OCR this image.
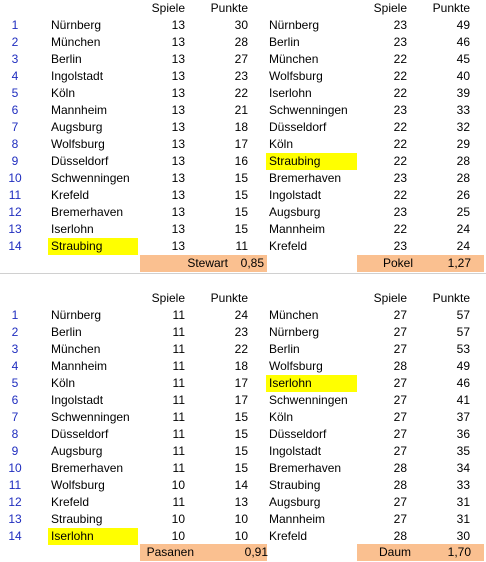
Spiele	Punkte	Spiele	Punkte
1	Nürnberg	13	30 Nürnberg	23	49
2	München	13	28 Berlin	23	46
3	Berlin	13	27 München	22	45
4	Ingolstadt	13	23 Wolfsburg	22	40
5	Köln	13	22 Iserlohn	22	39
6	Mannheim	13	21 Schwenningen	23	33
7	Augsburg	13	18 Düsseldorf	22	32
8	Wolfsburg	13	17 Köln	22	29
9	Düsseldorf	13	16 Straubing	22	28
10	Schwenningen	13	15 Bremerhaven	23	28
11	Krefeld	13	15 Ingolstadt	22	26
12	Bremerhaven	13	15 Augsburg	23	25
13	Iserlohn	13	15 Mannheim	22	24
14	Straubing	13	11 Krefeld	23	24
Stewart	0,85	Pokel	1,27
Spiele	Punkte	Spiele	Punkte
1	Nürnberg	11	24 München	27	57
2	Berlin	11	23 Nürnberg	27	57
3	München	11	22 Berlin	27	53
4	Mannheim	11	18 Wolfsburg	28	49
5	Köln	11	17 Iserlohn	27	46
6	Ingolstadt	11	17 Schwenningen	27	41
7	Schwenningen	11	15 Köln	27	37
8	Düsseldorf	11	15 Düsseldorf	27	36
9	Augsburg	11	15 Ingolstadt	27	35
10	Bremerhaven	11	15 Bremerhaven	28	34
11	Wolfsburg	10	14 Straubing	28	33
12	Krefeld	11	13 Augsburg	27	31
13	Straubing	10	10 Mannheim	27	31
14	Iserlohn	10	10 Krefeld	28	30
Pasanen	0,91	Daum	1,70
